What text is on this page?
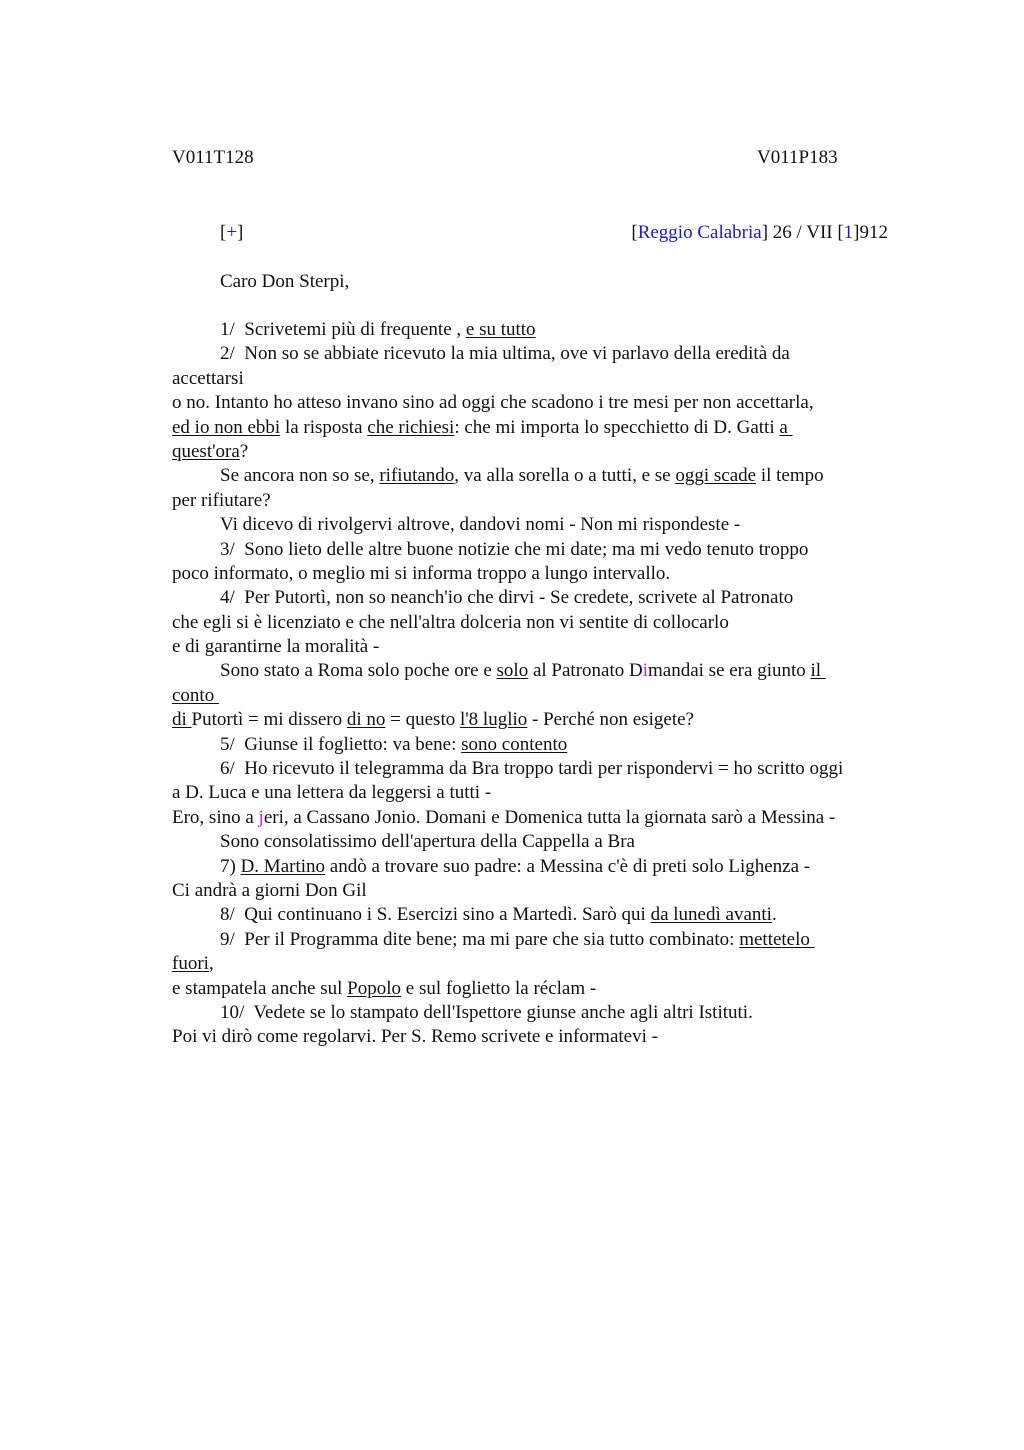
V011T128	V011P183
[+]	[Reggio Calabria] 26 / VII [1]912
Caro Don Sterpi,
1/  Scrivetemi più di frequente , e su tutto
2/  Non so se abbiate ricevuto la mia ultima, ove vi parlavo della eredità da
accettarsi
o no. Intanto ho atteso invano sino ad oggi che scadono i tre mesi per non accettarla,
ed io non ebbi la risposta che richiesi: che mi importa lo specchietto di D. Gatti a
quest'ora?
Se ancora non so se, rifiutando, va alla sorella o a tutti, e se oggi scade il tempo
per rifiutare?
Vi dicevo di rivolgervi altrove, dandovi nomi - Non mi rispondeste -
3/  Sono lieto delle altre buone notizie che mi date; ma mi vedo tenuto troppo
poco informato, o meglio mi si informa troppo a lungo intervallo.
4/  Per Putortì, non so neanch'io che dirvi - Se credete, scrivete al Patronato
che egli si è licenziato e che nell'altra dolceria non vi sentite di collocarlo
e di garantirne la moralità -
Sono stato a Roma solo poche ore e solo al Patronato Dimandai se era giunto il
conto
di Putortì = mi dissero di no = questo l'8 luglio - Perché non esigete?
5/  Giunse il foglietto: va bene: sono contento
6/  Ho ricevuto il telegramma da Bra troppo tardi per rispondervi = ho scritto oggi
a D. Luca e una lettera da leggersi a tutti -
Ero, sino a jeri, a Cassano Jonio. Domani e Domenica tutta la giornata sarò a Messina -
Sono consolatissimo dell'apertura della Cappella a Bra
7) D. Martino andò a trovare suo padre: a Messina c'è di preti solo Lighenza -
Ci andrà a giorni Don Gil
8/  Qui continuano i S. Esercizi sino a Martedì. Sarò qui da lunedì avanti.
9/  Per il Programma dite bene; ma mi pare che sia tutto combinato: mettetelo
fuori,
e stampatela anche sul Popolo e sul foglietto la réclam -
10/  Vedete se lo stampato dell'Ispettore giunse anche agli altri Istituti.
Poi vi dirò come regolarvi. Per S. Remo scrivete e informatevi -
